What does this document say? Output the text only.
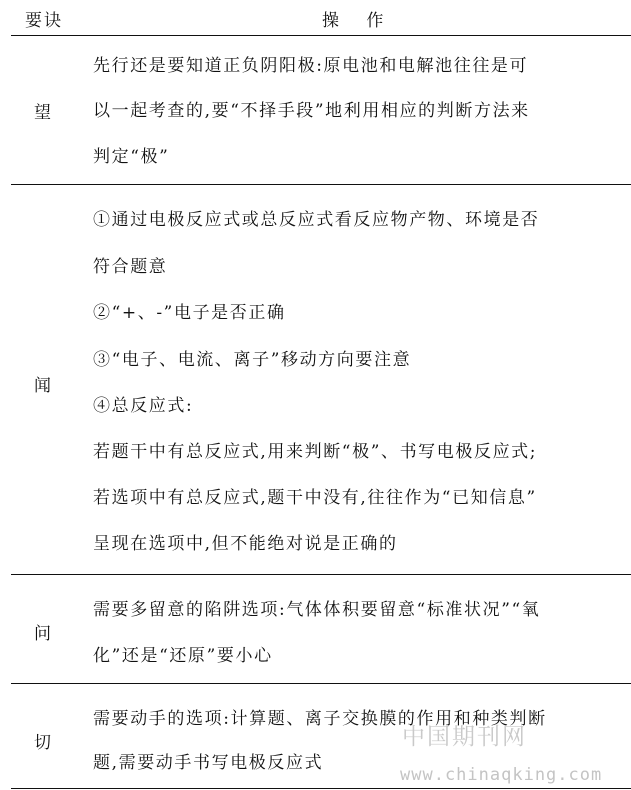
要诀	操 作
望
先行还是要知道正负阴阳极:原电池和电解池往往是可
以一起考查的,要“不择手段”地利用相应的判断方法来
判定“极”
闻
①通过电极反应式或总反应式看反应物产物、环境是否
符合题意
②“+、-”电子是否正确
③“电子、电流、离子”移动方向要注意
④总反应式:
若题干中有总反应式,用来判断“极”、书写电极反应式;
若选项中有总反应式,题干中没有,往往作为“已知信息”
呈现在选项中,但不能绝对说是正确的
问
需要多留意的陷阱选项:气体体积要留意“标准状况”“氧
化”还是“还原”要小心
切
需要动手的选项:计算题、离子交换膜的作用和种类判断
题,需要动手书写电极反应式
中国期刊网
www.chinaqking.com
